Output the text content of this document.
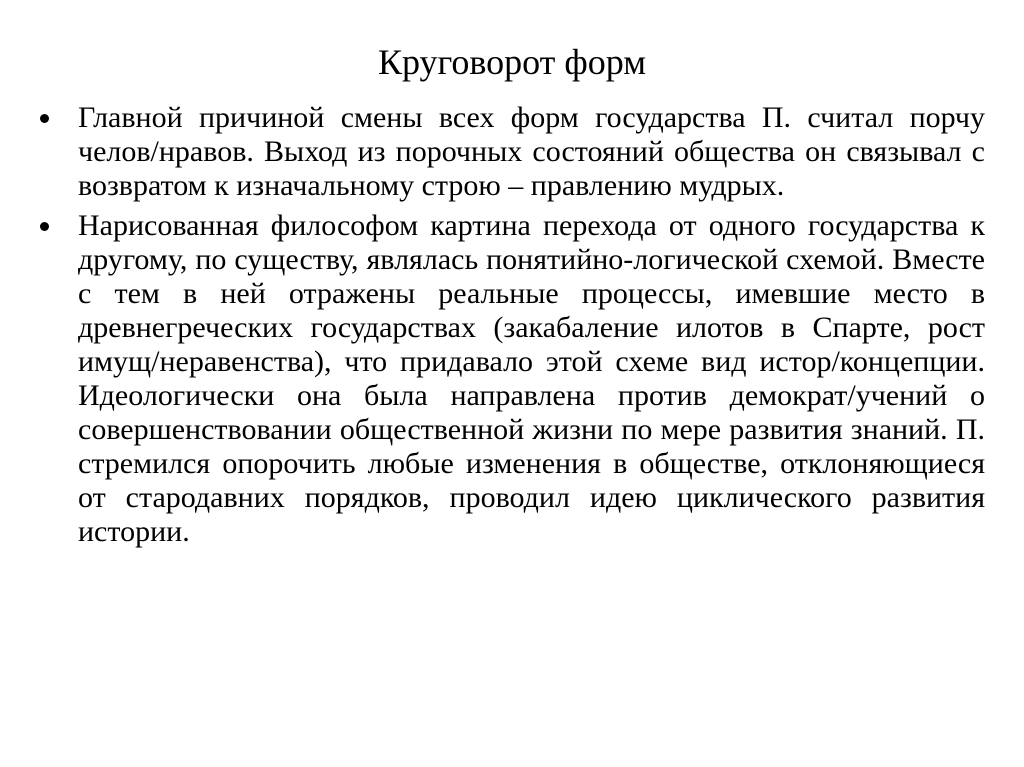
Круговорот форм
Главной причиной смены всех форм государства П. считал порчу челов/нравов. Выход из порочных состояний общества он связывал с возвратом к изначальному строю – правлению мудрых.
Нарисованная философом картина перехода от одного государства к другому, по существу, являлась понятийно-логической схемой. Вместе с тем в ней отражены реальные процессы, имевшие место в древнегреческих государствах (закабаление илотов в Спарте, рост имущ/неравенства), что придавало этой схеме вид истор/концепции. Идеологически она была направлена против демократ/учений о совершенствовании общественной жизни по мере развития знаний. П. стремился опорочить любые изменения в обществе, отклоняющиеся от стародавних порядков, проводил идею циклического развития истории.
